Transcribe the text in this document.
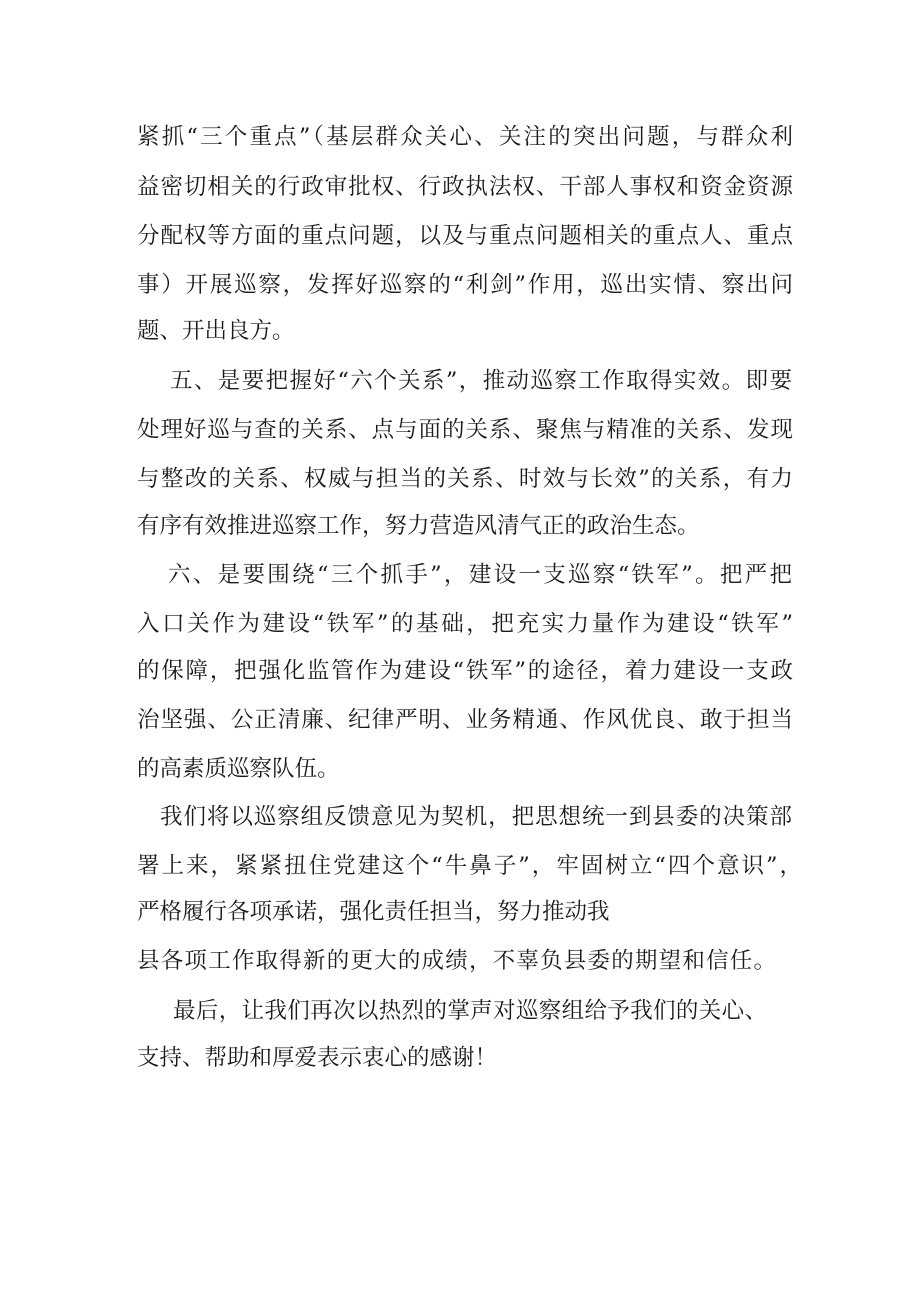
紧抓“三个重点”（基层群众关心、关注的突出问题，与群众利

益密切相关的行政审批权、行政执法权、干部人事权和资金资源

分配权等方面的重点问题，以及与重点问题相关的重点人、重点

事）开展巡察，发挥好巡察的“利剑”作用，巡出实情、察出问

题、开出良方。

五、是要把握好“六个关系”，推动巡察工作取得实效。即要

处理好巡与查的关系、点与面的关系、聚焦与精准的关系、发现

与整改的关系、权威与担当的关系、时效与长效”的关系，有力

有序有效推进巡察工作，努力营造风清气正的政治生态。

六、是要围绕“三个抓手”，建设一支巡察“铁军”。把严把

入口关作为建设“铁军”的基础，把充实力量作为建设“铁军”

的保障，把强化监管作为建设“铁军”的途径，着力建设一支政

治坚强、公正清廉、纪律严明、业务精通、作风优良、敢于担当

的高素质巡察队伍。

我们将以巡察组反馈意见为契机，把思想统一到县委的决策部

署上来，紧紧扭住党建这个“牛鼻子”，牢固树立“四个意识”，

严格履行各项承诺，强化责任担当，努力推动我

县各项工作取得新的更大的成绩，不辜负县委的期望和信任。

最后，让我们再次以热烈的掌声对巡察组给予我们的关心、

支持、帮助和厚爱表示衷心的感谢！
